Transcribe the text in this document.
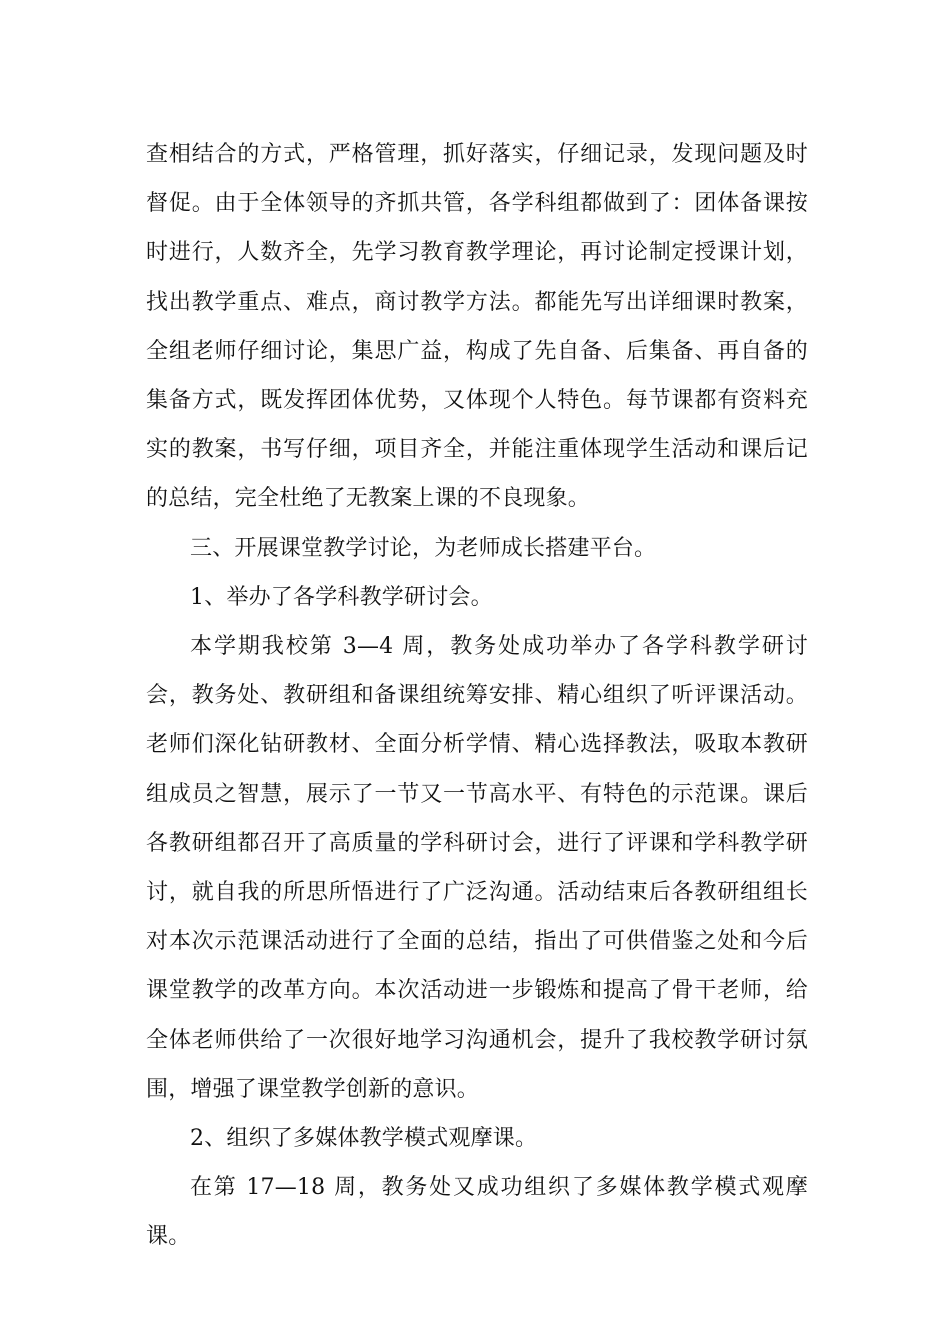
查相结合的方式，严格管理，抓好落实，仔细记录，发现问题及时督促。由于全体领导的齐抓共管，各学科组都做到了：团体备课按时进行，人数齐全，先学习教育教学理论，再讨论制定授课计划，找出教学重点、难点，商讨教学方法。都能先写出详细课时教案，全组老师仔细讨论，集思广益，构成了先自备、后集备、再自备的集备方式，既发挥团体优势，又体现个人特色。每节课都有资料充实的教案，书写仔细，项目齐全，并能注重体现学生活动和课后记的总结，完全杜绝了无教案上课的不良现象。

三、开展课堂教学讨论，为老师成长搭建平台。

1、举办了各学科教学研讨会。

本学期我校第 3—4 周，教务处成功举办了各学科教学研讨会，教务处、教研组和备课组统筹安排、精心组织了听评课活动。老师们深化钻研教材、全面分析学情、精心选择教法，吸取本教研组成员之智慧，展示了一节又一节高水平、有特色的示范课。课后各教研组都召开了高质量的学科研讨会，进行了评课和学科教学研讨，就自我的所思所悟进行了广泛沟通。活动结束后各教研组组长对本次示范课活动进行了全面的总结，指出了可供借鉴之处和今后课堂教学的改革方向。本次活动进一步锻炼和提高了骨干老师，给全体老师供给了一次很好地学习沟通机会，提升了我校教学研讨氛围，增强了课堂教学创新的意识。

2、组织了多媒体教学模式观摩课。

在第 17—18 周，教务处又成功组织了多媒体教学模式观摩课。
